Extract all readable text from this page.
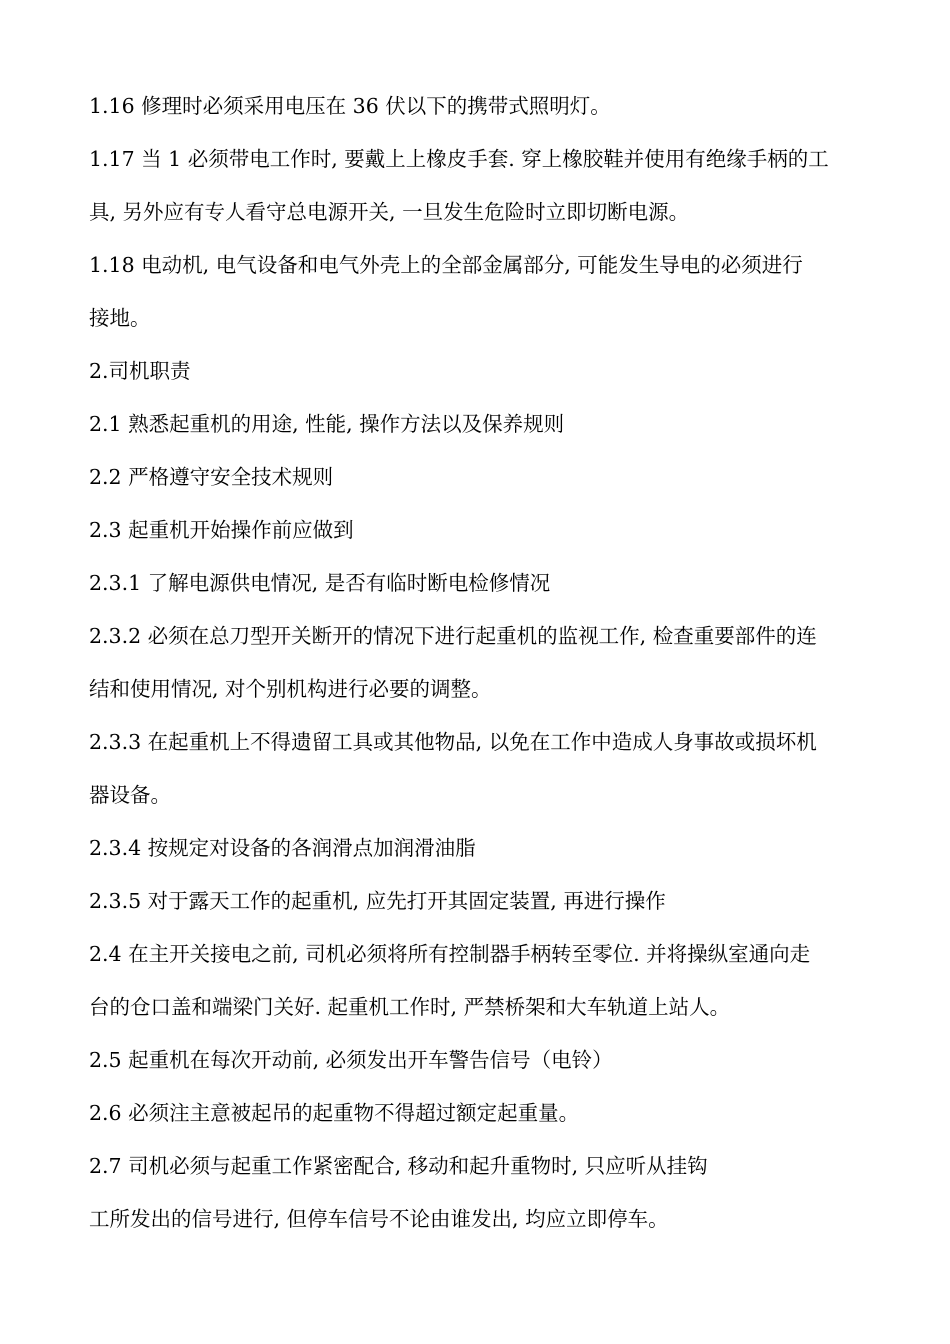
1.16 修理时必须采用电压在 36 伏以下的携带式照明灯。
1.17 当 1 必须带电工作时, 要戴上上橡皮手套. 穿上橡胶鞋并使用有绝缘手柄的工
具, 另外应有专人看守总电源开关, 一旦发生危险时立即切断电源。
1.18 电动机, 电气设备和电气外壳上的全部金属部分, 可能发生导电的必须进行
接地。
2.司机职责
2.1 熟悉起重机的用途, 性能, 操作方法以及保养规则
2.2 严格遵守安全技术规则
2.3 起重机开始操作前应做到
2.3.1 了解电源供电情况, 是否有临时断电检修情况
2.3.2 必须在总刀型开关断开的情况下进行起重机的监视工作, 检查重要部件的连
结和使用情况, 对个别机构进行必要的调整。
2.3.3 在起重机上不得遗留工具或其他物品, 以免在工作中造成人身事故或损坏机
器设备。
2.3.4 按规定对设备的各润滑点加润滑油脂
2.3.5 对于露天工作的起重机, 应先打开其固定装置, 再进行操作
2.4 在主开关接电之前, 司机必须将所有控制器手柄转至零位. 并将操纵室通向走
台的仓口盖和端梁门关好. 起重机工作时, 严禁桥架和大车轨道上站人。
2.5 起重机在每次开动前, 必须发出开车警告信号（电铃）
2.6 必须注主意被起吊的起重物不得超过额定起重量。
2.7 司机必须与起重工作紧密配合, 移动和起升重物时, 只应听从挂钩
工所发出的信号进行, 但停车信号不论由谁发出, 均应立即停车。
